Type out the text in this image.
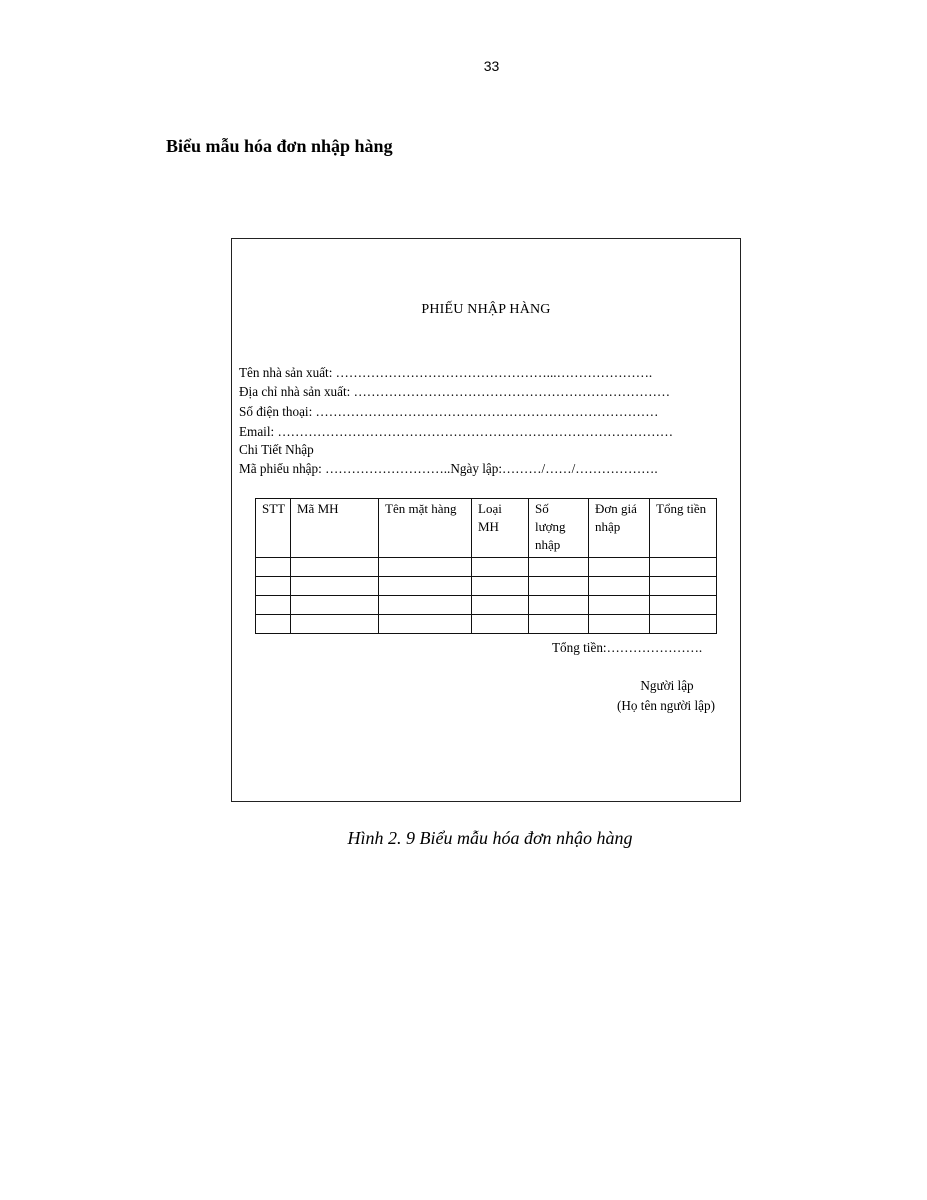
33
Biểu mẫu hóa đơn nhập hàng
PHIẾU NHẬP HÀNG
Tên nhà sản xuất: …………………………………………...………………….
Địa chỉ nhà sản xuất: ………………………………………………………………
Số điện thoại: ……………………………………………………………………
Email: ………………………………………………………………………………
Chi Tiết Nhập
Mã phiếu nhập: ………………………..Ngày lập:………/……/……………….
STT	Mã MH	Tên mặt hàng	Loại MH	Số lượng nhập	Đơn giá nhập	Tổng tiền

Tổng tiền:………………….
Người lập
(Họ tên người lập)
Hình 2. 9 Biểu mẫu hóa đơn nhậo hàng
